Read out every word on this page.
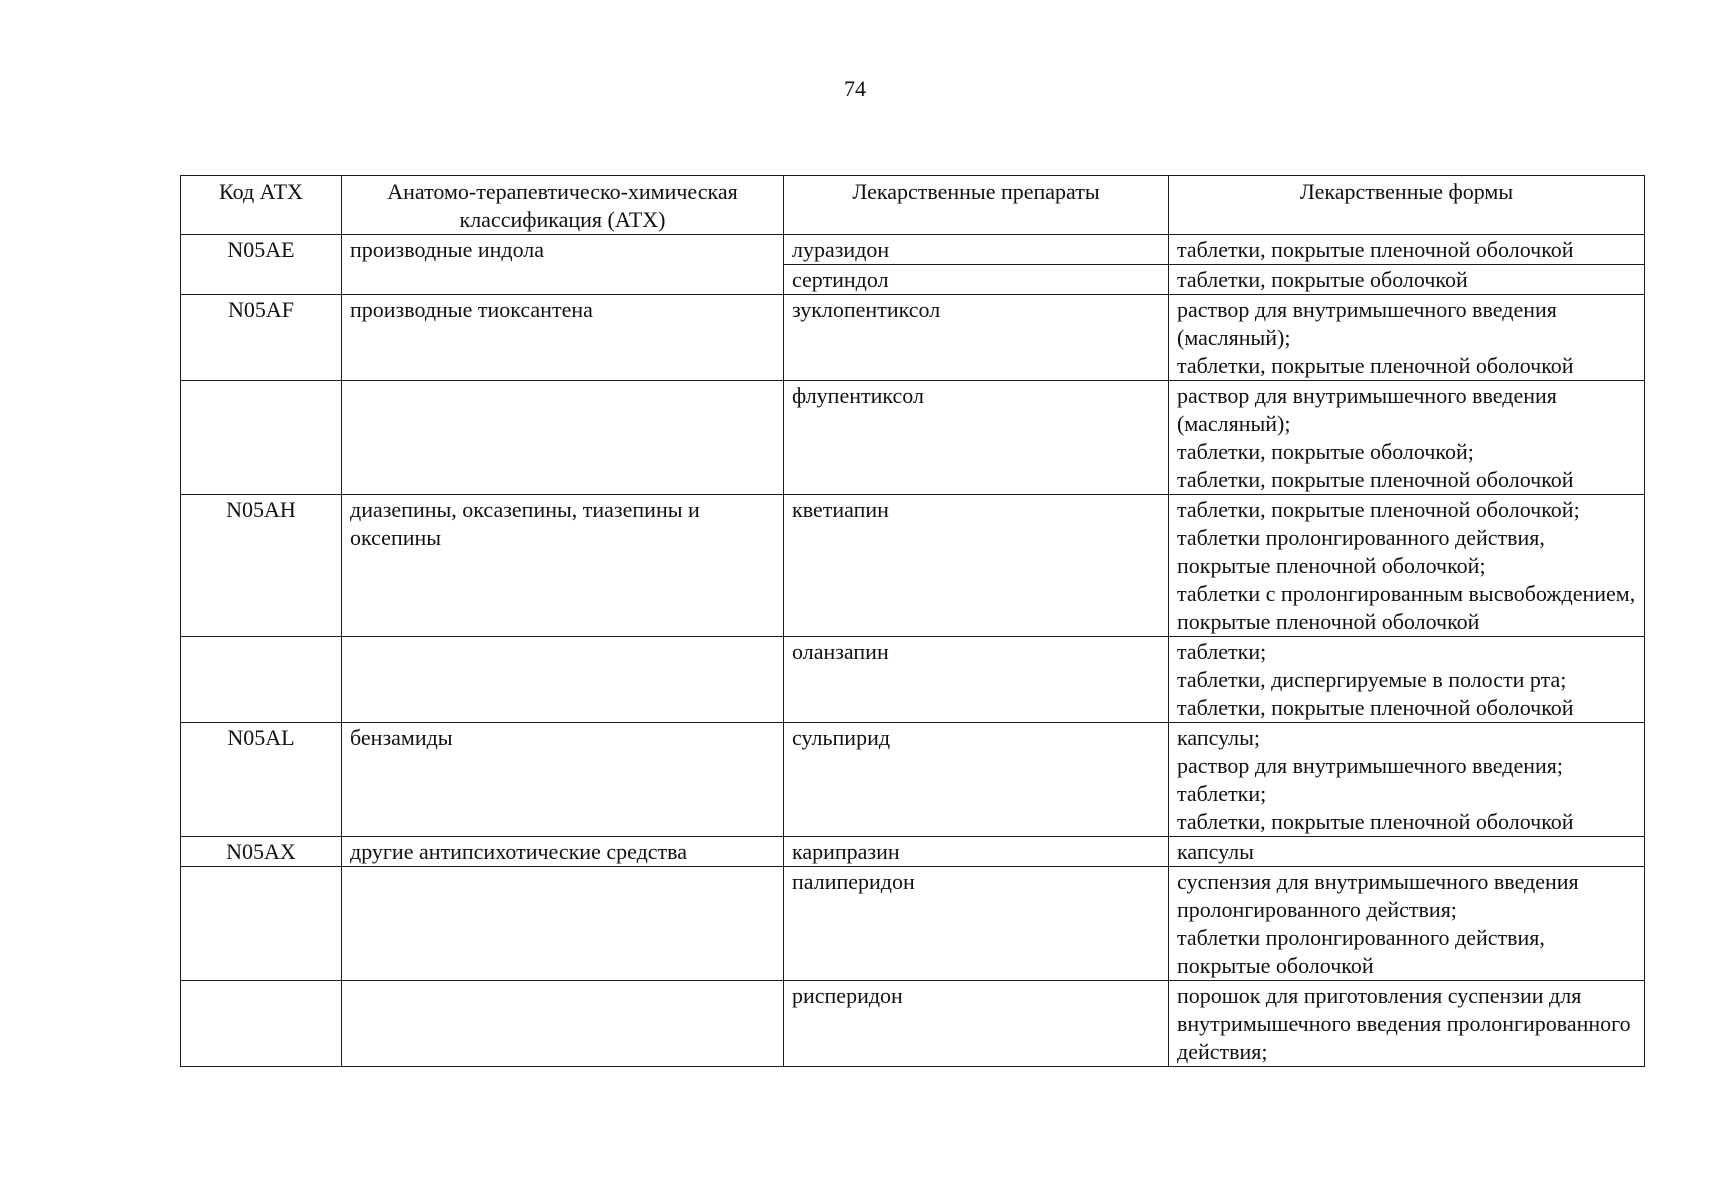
74
Код АТХ	Анатомо-терапевтическо-химическая классификация (АТХ)	Лекарственные препараты	Лекарственные формы
N05AE	производные индола	луразидон	таблетки, покрытые пленочной оболочкой

		сертиндол	таблетки, покрытые оболочкой

N05AF	производные тиоксантена	зуклопентиксол	раствор для внутримышечного введения (масляный);
таблетки, покрытые пленочной оболочкой

		флупентиксол	раствор для внутримышечного введения (масляный);
таблетки, покрытые оболочкой;
таблетки, покрытые пленочной оболочкой

N05AH	диазепины, оксазепины, тиазепины и оксепины	кветиапин	таблетки, покрытые пленочной оболочкой;
таблетки пролонгированного действия, покрытые пленочной оболочкой;
таблетки с пролонгированным высвобождением, покрытые пленочной оболочкой

		оланзапин	таблетки;
таблетки, диспергируемые в полости рта;
таблетки, покрытые пленочной оболочкой

N05AL	бензамиды	сульпирид	капсулы;
раствор для внутримышечного введения;
таблетки;
таблетки, покрытые пленочной оболочкой

N05AX	другие антипсихотические средства	карипразин	капсулы

		палиперидон	суспензия для внутримышечного введения пролонгированного действия;
таблетки пролонгированного действия, покрытые оболочкой

		рисперидон	порошок для приготовления суспензии для внутримышечного введения пролонгированного действия;
